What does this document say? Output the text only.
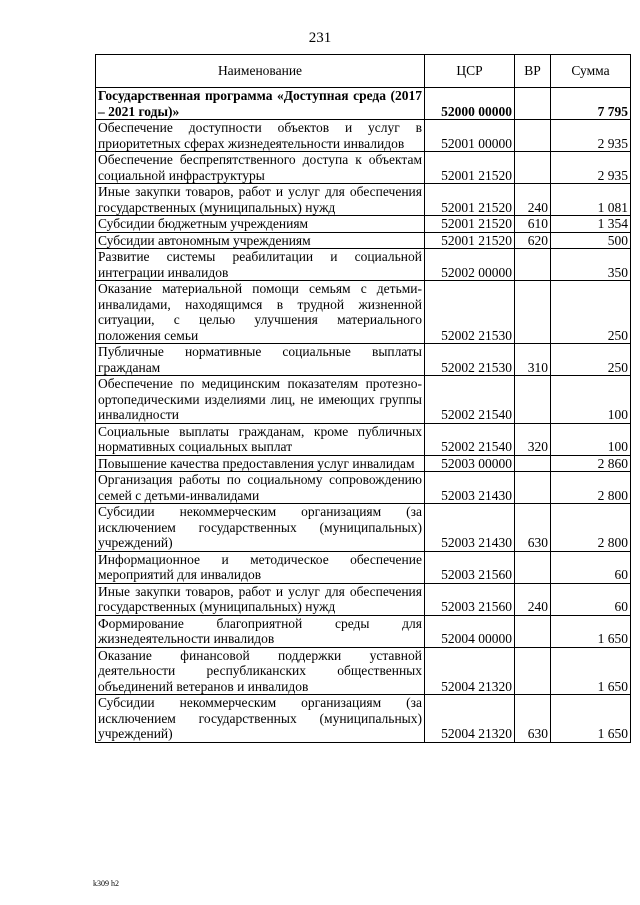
231
Наименование	ЦСР	ВР	Сумма
Государственная программа «Доступная среда (2017 – 2021 годы)»	52000 00000		7 795
Обеспечение доступности объектов и услуг в приоритетных сферах жизнедеятельности инвалидов	52001 00000		2 935
Обеспечение беспрепятственного доступа к объектам социальной инфраструктуры	52001 21520		2 935
Иные закупки товаров, работ и услуг для обеспечения государственных (муниципальных) нужд	52001 21520	240	1 081
Субсидии бюджетным учреждениям	52001 21520	610	1 354
Субсидии автономным учреждениям	52001 21520	620	500
Развитие системы реабилитации и социальной интеграции инвалидов	52002 00000		350
Оказание материальной помощи семьям с детьми-инвалидами, находящимся в трудной жизненной ситуации, с целью улучшения материального положения семьи	52002 21530		250
Публичные нормативные социальные выплаты гражданам	52002 21530	310	250
Обеспечение по медицинским показателям протезно-ортопедическими изделиями лиц, не имеющих группы инвалидности	52002 21540		100
Социальные выплаты гражданам, кроме публичных нормативных социальных выплат	52002 21540	320	100
Повышение качества предоставления услуг инвалидам	52003 00000		2 860
Организация работы по социальному сопровождению семей с детьми-инвалидами	52003 21430		2 800
Субсидии некоммерческим организациям (за исключением государственных (муниципальных) учреждений)	52003 21430	630	2 800
Информационное и методическое обеспечение мероприятий для инвалидов	52003 21560		60
Иные закупки товаров, работ и услуг для обеспечения государственных (муниципальных) нужд	52003 21560	240	60
Формирование благоприятной среды для жизнедеятельности инвалидов	52004 00000		1 650
Оказание финансовой поддержки уставной деятельности республиканских общественных объединений ветеранов и инвалидов	52004 21320		1 650
Субсидии некоммерческим организациям (за исключением государственных (муниципальных) учреждений)	52004 21320	630	1 650
k309 h2
